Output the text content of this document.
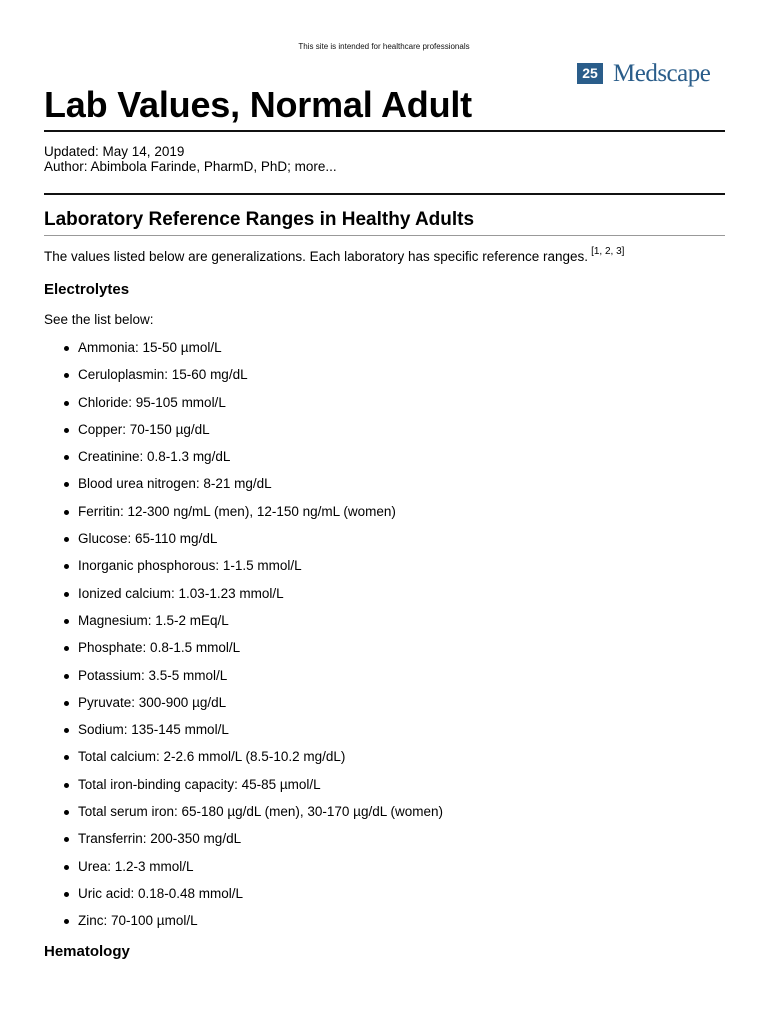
This site is intended for healthcare professionals
25 Medscape
Lab Values, Normal Adult
Updated: May 14, 2019
Author: Abimbola Farinde, PharmD, PhD; more...
Laboratory Reference Ranges in Healthy Adults
The values listed below are generalizations. Each laboratory has specific reference ranges. [1, 2, 3]
Electrolytes
See the list below:
Ammonia: 15-50 µmol/L
Ceruloplasmin: 15-60 mg/dL
Chloride: 95-105 mmol/L
Copper: 70-150 µg/dL
Creatinine: 0.8-1.3 mg/dL
Blood urea nitrogen: 8-21 mg/dL
Ferritin: 12-300 ng/mL (men), 12-150 ng/mL (women)
Glucose: 65-110 mg/dL
Inorganic phosphorous: 1-1.5 mmol/L
Ionized calcium: 1.03-1.23 mmol/L
Magnesium: 1.5-2 mEq/L
Phosphate: 0.8-1.5 mmol/L
Potassium: 3.5-5 mmol/L
Pyruvate: 300-900 µg/dL
Sodium: 135-145 mmol/L
Total calcium: 2-2.6 mmol/L (8.5-10.2 mg/dL)
Total iron-binding capacity: 45-85 µmol/L
Total serum iron: 65-180 µg/dL (men), 30-170 µg/dL (women)
Transferrin: 200-350 mg/dL
Urea: 1.2-3 mmol/L
Uric acid: 0.18-0.48 mmol/L
Zinc: 70-100 µmol/L
Hematology
